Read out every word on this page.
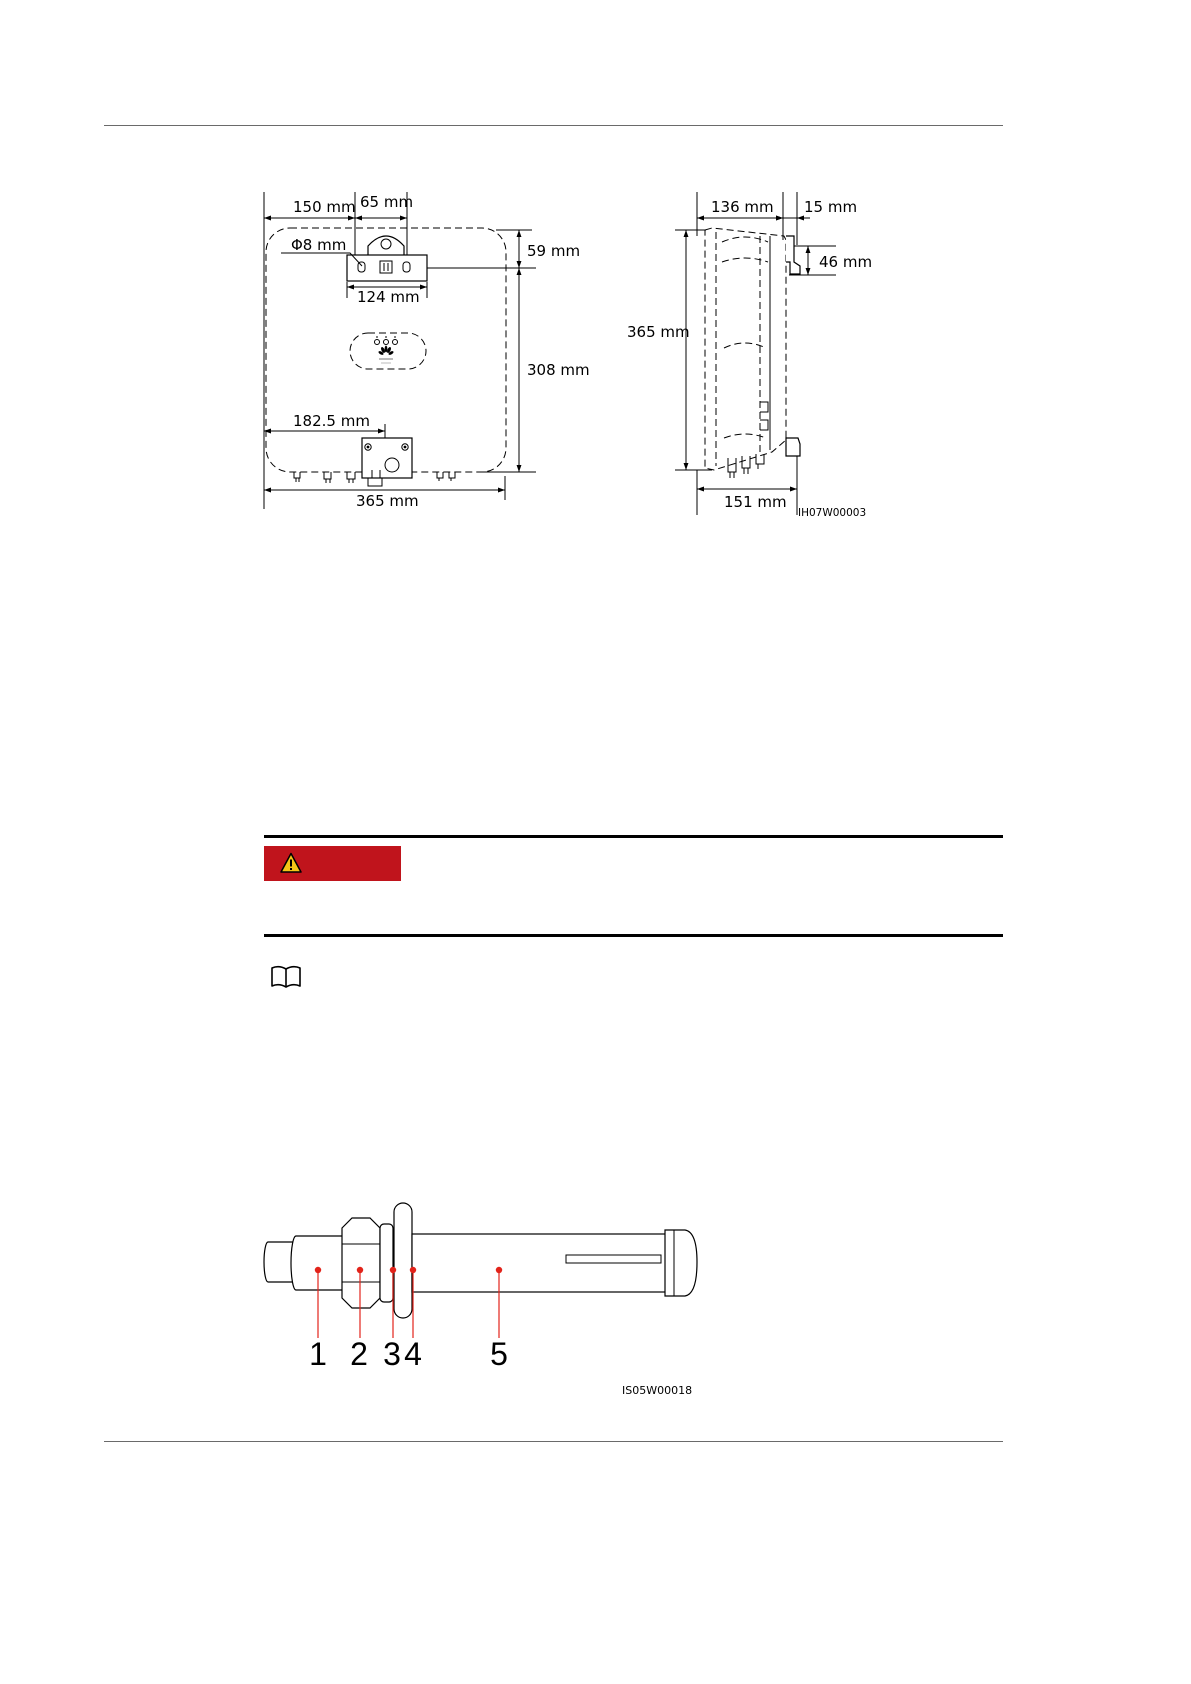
150 mm 65 mm
Φ8 mm	59 mm
124 mm
308 mm
182.5 mm
365 mm
136 mm 15 mm
46 mm
365 mm
151 mm
IH07W00003
1 2 3 4 5
IS05W00018
